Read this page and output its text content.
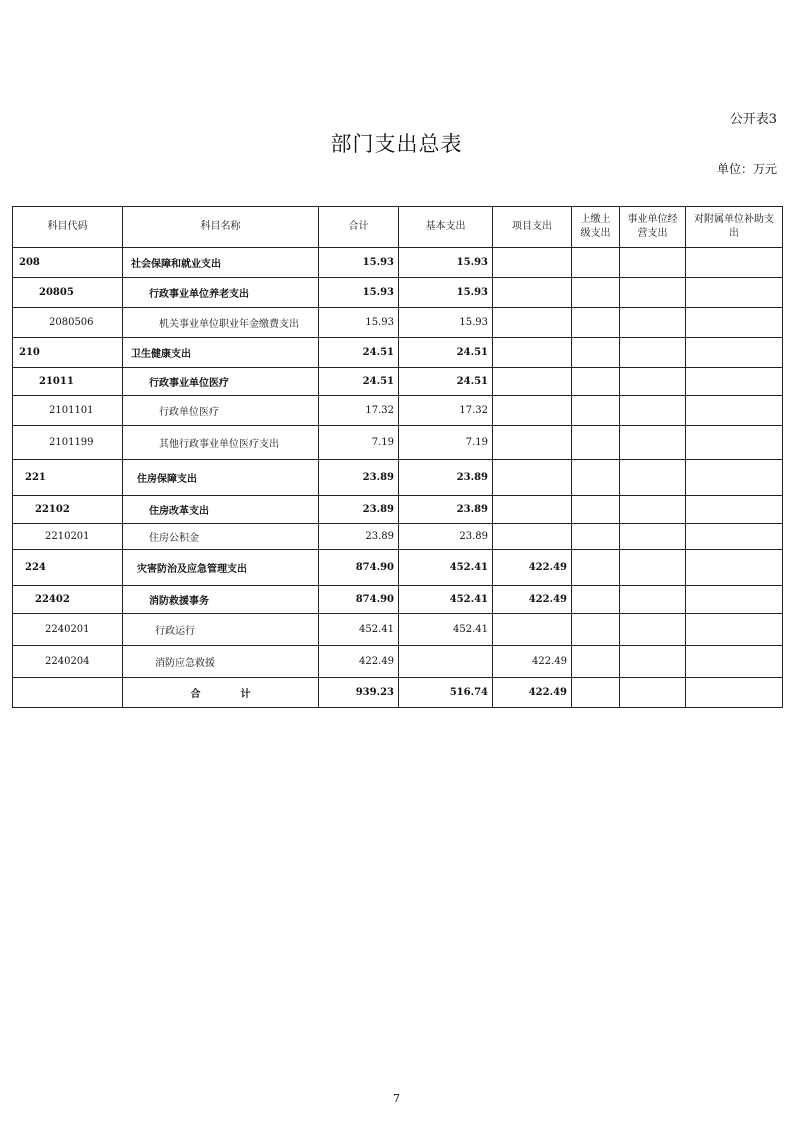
公开表3
部门支出总表
单位：万元
科目代码	科目名称	合计	基本支出	项目支出	上缴上级支出	事业单位经营支出	对附属单位补助支出
208	社会保障和就业支出	15.93	15.93				
20805	行政事业单位养老支出	15.93	15.93				
2080506	机关事业单位职业年金缴费支出	15.93	15.93				
210	卫生健康支出	24.51	24.51				
21011	行政事业单位医疗	24.51	24.51				
2101101	行政单位医疗	17.32	17.32				
2101199	其他行政事业单位医疗支出	7.19	7.19				
221	住房保障支出	23.89	23.89				
22102	住房改革支出	23.89	23.89				
2210201	住房公积金	23.89	23.89				
224	灾害防治及应急管理支出	874.90	452.41	422.49			
22402	消防救援事务	874.90	452.41	422.49			
2240201	行政运行	452.41	452.41				
2240204	消防应急救援	422.49		422.49			
	合　　　　计	939.23	516.74	422.49			
7
